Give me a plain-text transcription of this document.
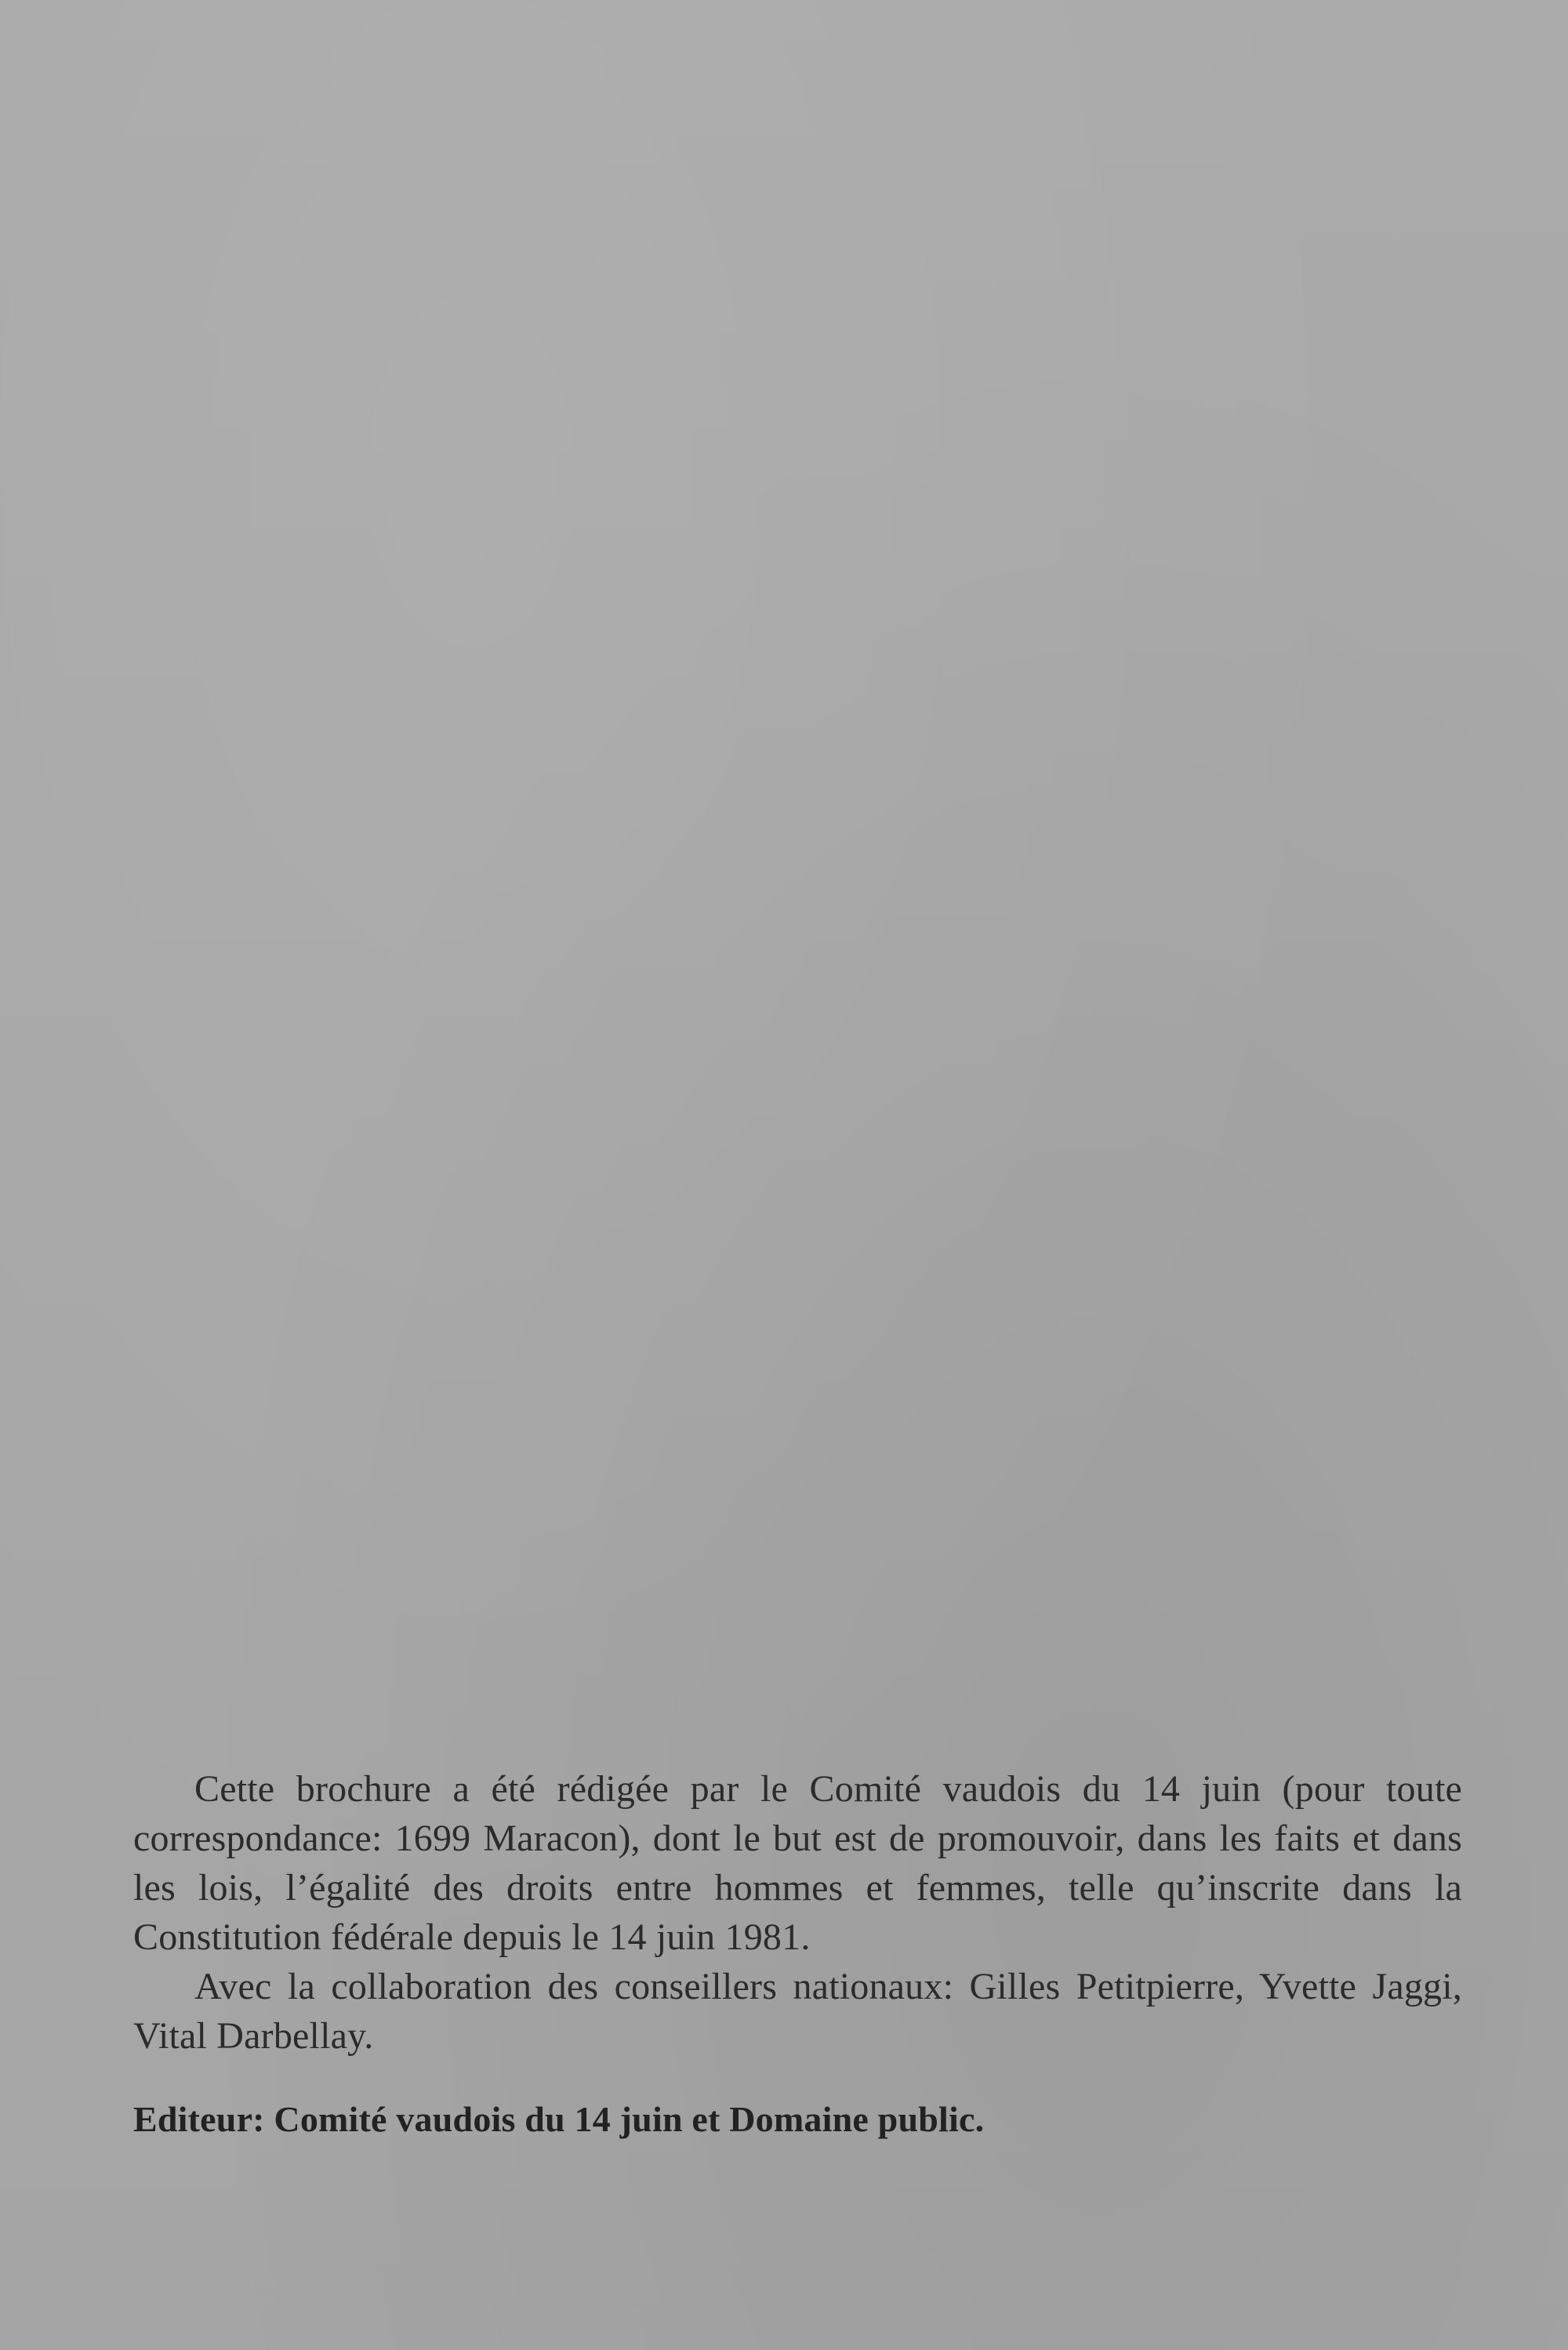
Cette brochure a été rédigée par le Comité vaudois du 14 juin (pour toute correspondance: 1699 Maracon), dont le but est de promouvoir, dans les faits et dans les lois, l’égalité des droits entre hommes et femmes, telle qu’inscrite dans la Constitution fédérale depuis le 14 juin 1981.

Avec la collaboration des conseillers nationaux: Gilles Petitpierre, Yvette Jaggi, Vital Darbellay.

Editeur: Comité vaudois du 14 juin et Domaine public.
